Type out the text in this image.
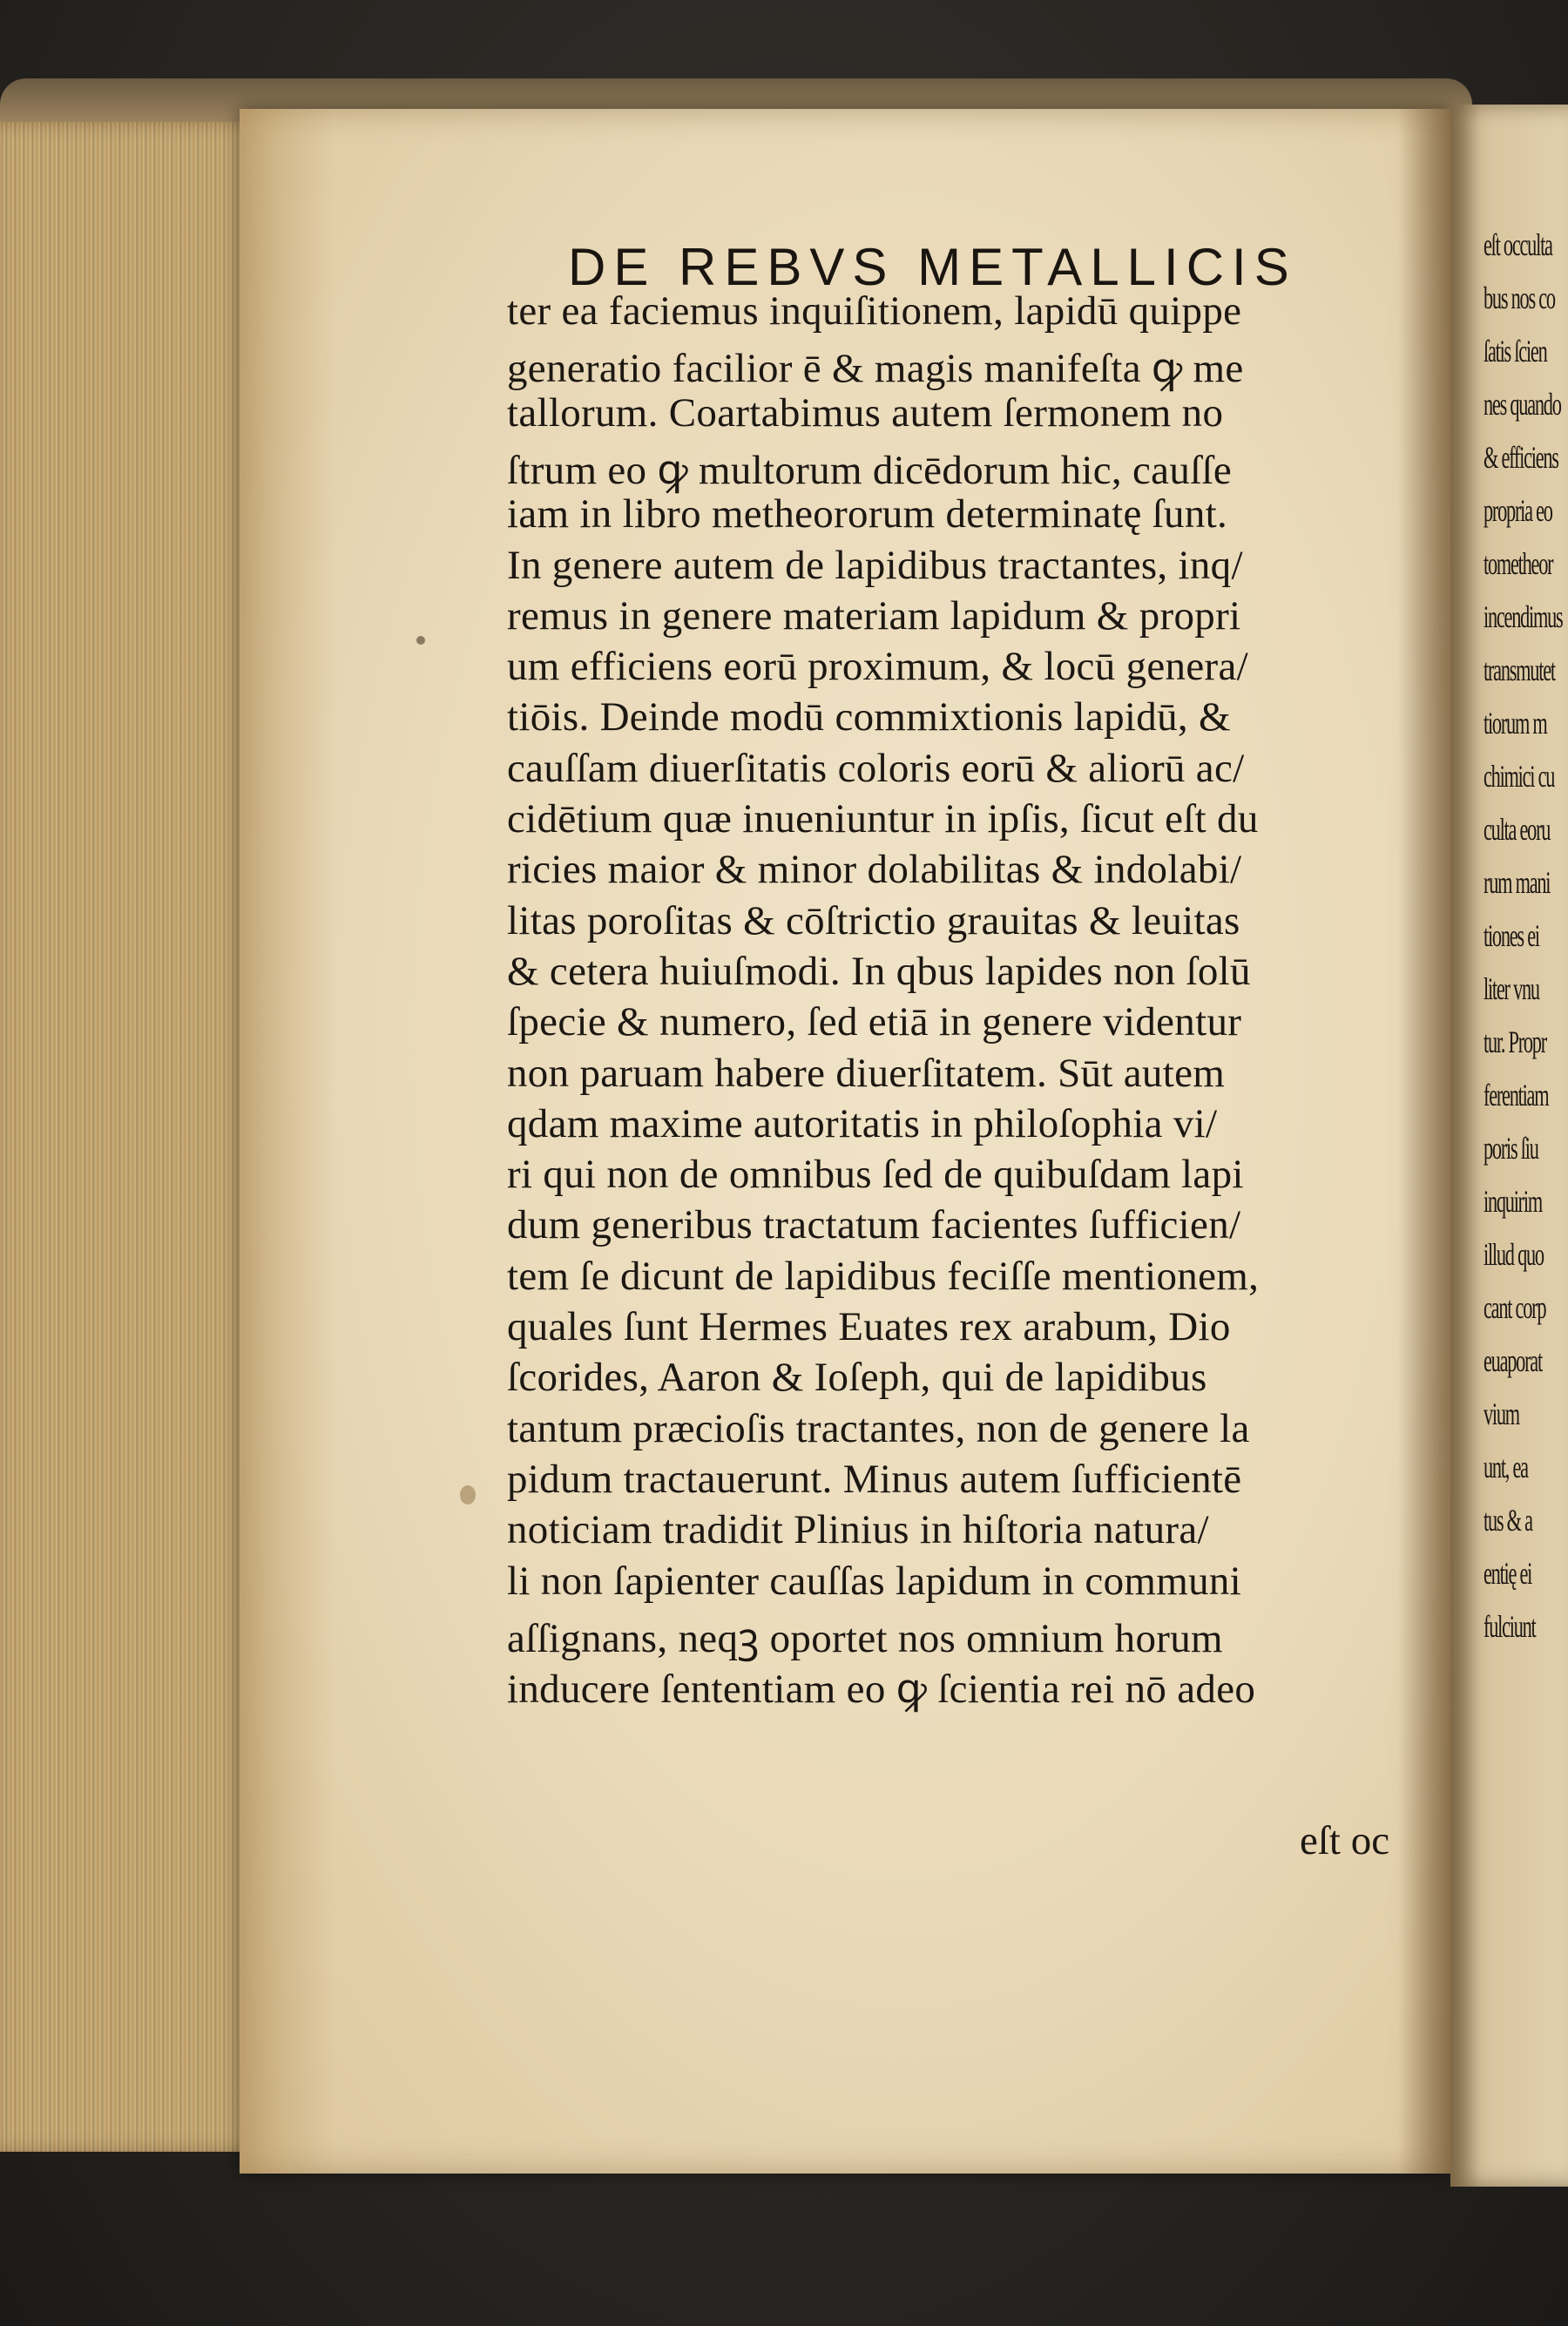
eſt occulta
bus nos co
ſatis ſcien
nes quando
& efficiens
propria eo
tometheor
incendimus
transmutet
tiorum m
chimici cu
culta eoru
rum mani
tiones ei
liter vnu
tur. Propr
ferentiam
poris ſiu
inquirim
illud quo
cant corp
euaporat
vium
unt, ea
tus & a
entię ei
fulciunt
DE REBVS METALLICIS
ter ea faciemus inquiſitionem, lapidū quippe
generatio facilior ē & magis manifeſta ꝙ me
tallorum. Coartabimus autem ſermonem no
ſtrum eo ꝙ multorum dicēdorum hic, cauſſe
iam in libro metheororum determinatę ſunt.
In genere autem de lapidibus tractantes, inq/
remus in genere materiam lapidum & propri
um efficiens eorū proximum, & locū genera/
tiōis. Deinde modū commixtionis lapidū, &
cauſſam diuerſitatis coloris eorū & aliorū ac/
cidētium quæ inueniuntur in ipſis, ſicut eſt du
ricies maior & minor dolabilitas & indolabi/
litas poroſitas & cōſtrictio grauitas & leuitas
& cetera huiuſmodi. In qbus lapides non ſolū
ſpecie & numero, ſed etiā in genere videntur
non paruam habere diuerſitatem. Sūt autem
qdam maxime autoritatis in philoſophia vi/
ri qui non de omnibus ſed de quibuſdam lapi
dum generibus tractatum facientes ſufficien/
tem ſe dicunt de lapidibus feciſſe mentionem,
quales ſunt Hermes Euates rex arabum, Dio
ſcorides, Aaron & Ioſeph, qui de lapidibus
tantum præcioſis tractantes, non de genere la
pidum tractauerunt. Minus autem ſufficientē
noticiam tradidit Plinius in hiſtoria natura/
li non ſapienter cauſſas lapidum in communi
aſſignans, neqꝫ oportet nos omnium horum
inducere ſententiam eo ꝙ ſcientia rei nō adeo
eſt oc
